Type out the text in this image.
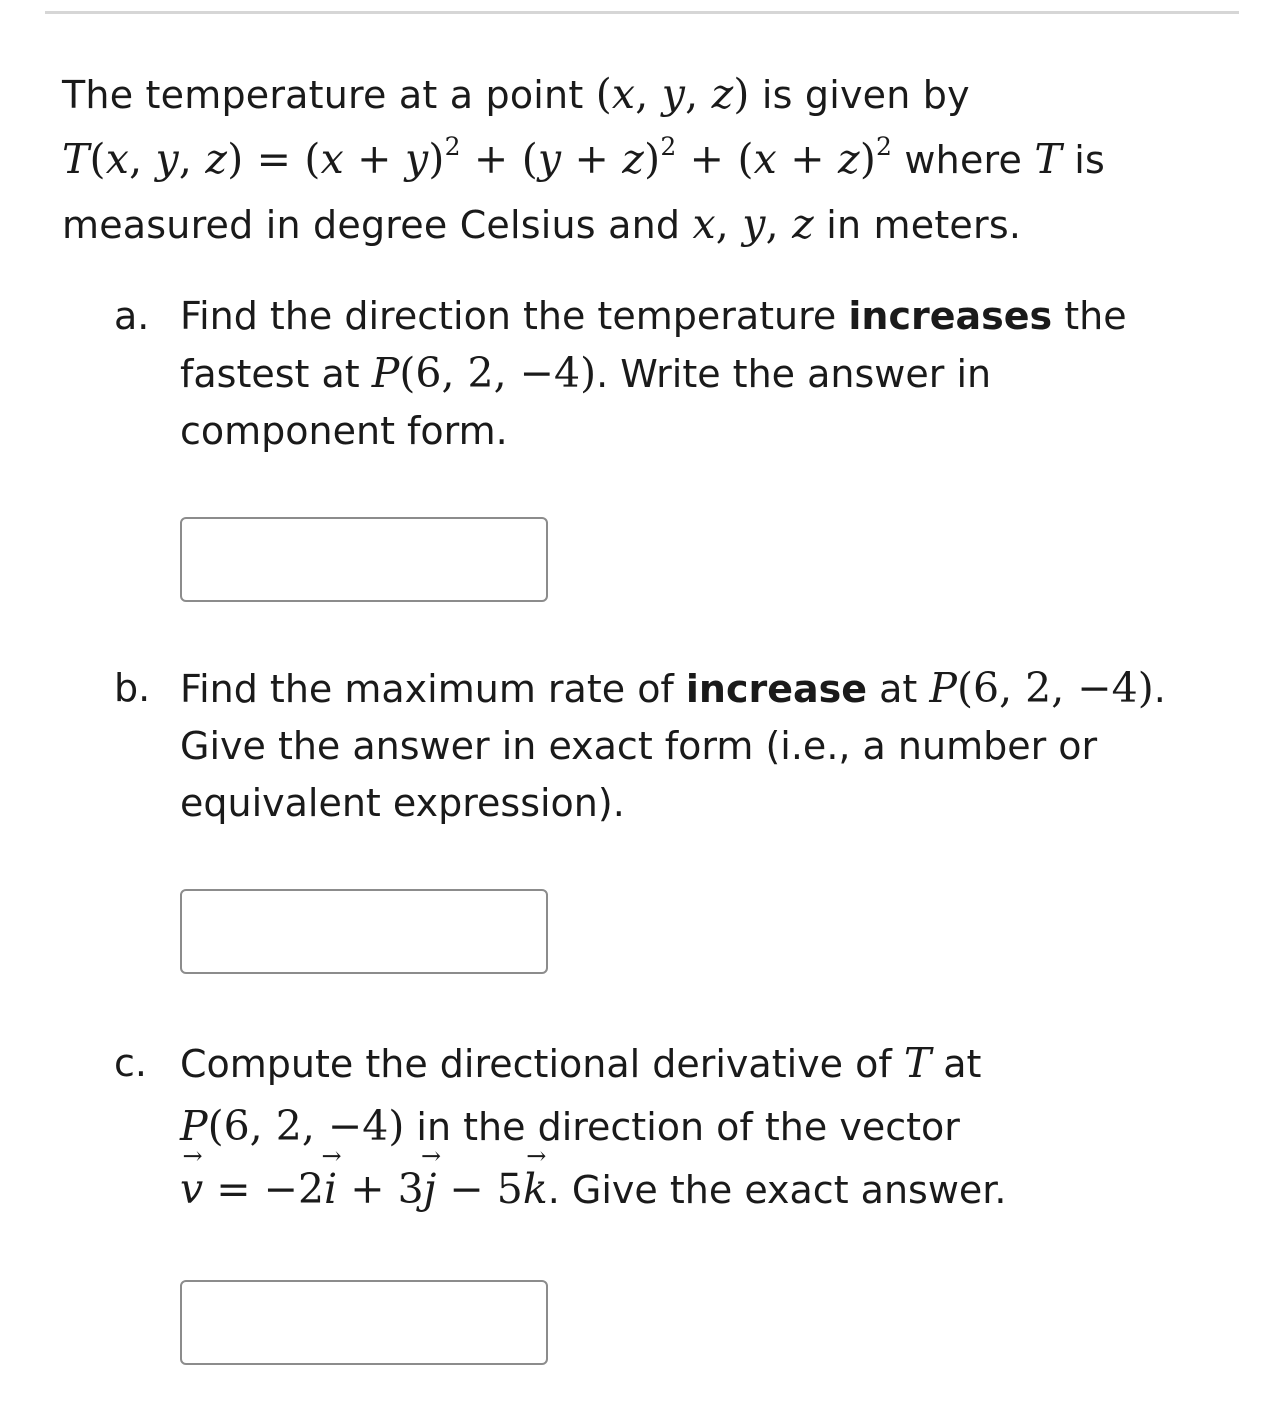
The temperature at a point (x, y, z) is given by
T(x, y, $z) = (x + y)^2 + (y + z)^2 + (x + z)^2$ where T is
measured in degree Celsius and x, y, z in meters.
a. Find the direction the temperature increases the
fastest at P(6, 2, −4). Write the answer in
component form.
b. Find the maximum rate of increase at P(6, 2, −4).
Give the answer in exact form (i.e., a number or
equivalent expression).
c. Compute the directional derivative of T at
P(6, 2, −4) in the direction of the vector
→ v = −2→ i + 3→ j − 5→ k. Give the exact answer.
